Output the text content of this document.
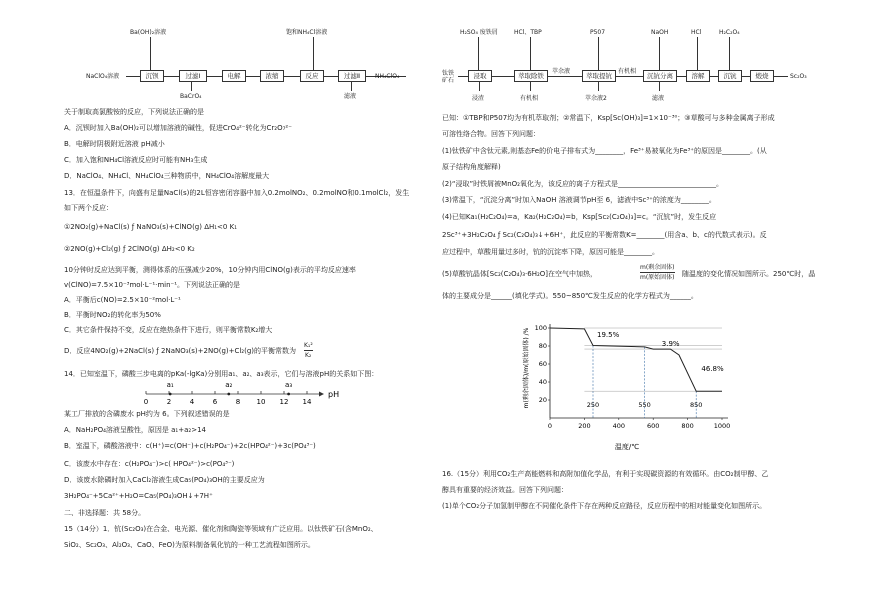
Ba(OH)₂溶液	饱和NH₄Cl溶液
NaClO₄溶液	沉钡	过滤Ⅰ	电解	浓缩	反应	过滤Ⅱ	NH₄ClO₄
BaCrO₄	滤液
关于制取高氯酸铵的反应，下列说法正确的是
A．沉钡时加入Ba(OH)₂可以增加溶液的碱性，促进CrO₄²⁻转化为Cr₂O₇²⁻
B．电解时阴极附近溶液 pH减小
C．加入饱和NH₄Cl溶液反应时可能有NH₃生成
D．NaClO₄、NH₄Cl、NH₄ClO₄三种物质中，NH₄ClO₄溶解度最大
13．在恒温条件下，向盛有足量NaCl(s)的2L恒容密闭容器中加入0.2molNO₂、0.2molNO和0.1molCl₂，发生
如下两个反应：
①2NO₂(g)+NaCl(s) ƒ NaNO₃(s)+ClNO(g) ΔH₁<0 K₁
②2NO(g)+Cl₂(g) ƒ 2ClNO(g) ΔH₂<0 K₂
10分钟时反应达到平衡，测得体系的压强减少20%，10分钟内用ClNO(g)表示的平均反应速率
v(ClNO)=7.5×10⁻³mol·L⁻¹·min⁻¹。下列说法正确的是
A．平衡后c(NO)=2.5×10⁻²mol·L⁻¹
B．平衡时NO₂的转化率为50%
C．其它条件保持不变，反应在绝热条件下进行，则平衡常数K₂增大
D．反应4NO₂(g)+2NaCl(s) ƒ 2NaNO₃(s)+2NO(g)+Cl₂(g)的平衡常数为
K₁²
K₂
14．已知室温下，磷酸三步电离的pKa(-lgKa)分别用a₁、a₂、a₃表示，它们与溶液pH的关系如下图：
0	2	4	6	8 10 12 14
a₁	a₂	a₃
pH
某工厂排放的含磷废水 pH约为 6。下列叙述错误的是
A．NaH₂PO₄溶液呈酸性，原因是 a₁+a₂>14
B．室温下，磷酸溶液中：c(H⁺)=c(OH⁻)+c(H₂PO₄⁻)+2c(HPO₄²⁻)+3c(PO₄³⁻)
C．该废水中存在：c(H₂PO₄⁻)>c( HPO₄²⁻)>c(PO₄³⁻)
D．该废水除磷时加入CaCl₂溶液生成Ca₅(PO₄)₃OH的主要反应为
3H₂PO₄⁻+5Ca²⁺+H₂O=Ca₅(PO₄)₃OH↓+7H⁺
二、非选择题：共 58分。
15（14分）1．钪(Sc₂O₃)在合金、电光源、催化剂和陶瓷等领域有广泛应用。以钛铁矿石(含MnO₂、
SiO₂、Sc₂O₃、Al₂O₃、CaO、FeO)为原料制备氧化钪的一种工艺流程如图所示。
H₂SO₄ 废铁屑	HCl、TBP	P507	NaOH	HCl	H₂C₂O₄
钛铁 矿石
浸取	萃取除铁
萃余液
萃取提钪
有机相
沉钪分离	溶解	沉钪	煅烧	Sc₂O₃
浸渣	有机相	萃余液2	滤液
已知：①TBP和P507均为有机萃取剂；②常温下，Ksp[Sc(OH)₃]=1×10⁻³⁰；③草酸可与多种金属离子形成
可溶性络合物。回答下列问题：
(1)钛铁矿中含钛元素,则基态Fe的价电子排布式为________，Fe³⁺易被氧化为Fe³⁺的原因是________。(从
原子结构角度解释)
(2)“浸取”时铁屑被MnO₂氧化为，该反应的离子方程式是____________________________。
(3)常温下，“沉淀分离”时加入NaOH 溶液调节pH至 6，滤液中Sc³⁺的浓度为________。
(4)已知Ka₁(H₂C₂O₄)=a，Ka₂(H₂C₂O₄)=b，Ksp[Sc₂(C₂O₄)₃]=c。“沉钪”时，发生反应
2Sc³⁺+3H₂C₂O₄ ƒ Sc₂(C₂O₄)₃↓+6H⁺，此反应的平衡常数K=________(用含a、b、c的代数式表示)。反
应过程中，草酸用量过多时，钪的沉淀率下降，原因可能是________。
(5)草酸钪晶体[Sc₂(C₂O₄)₃·6H₂O]在空气中加热，
m(剩余固体)
m(原始固体) 随温度的变化情况如图所示。250℃时，晶
体的主要成分是______(填化学式)。550~850℃发生反应的化学方程式为______。
0	200	400	600	800	1000
20
40
60
80
100
19.5%
3.9%
46.8%
250	550	850
温度/℃
m(剩余固体)/m(原始固体) /%
16.（15分）利用CO₂生产高能燃料和高附加值化学品，有利于实现碳资源的有效循环。由CO₂制甲醇、乙
醇具有重要的经济效益。回答下列问题：
(1)单个CO₂分子加氢制甲醇在不同催化条件下存在两种反应路径，反应历程中的相对能量变化如图所示。
